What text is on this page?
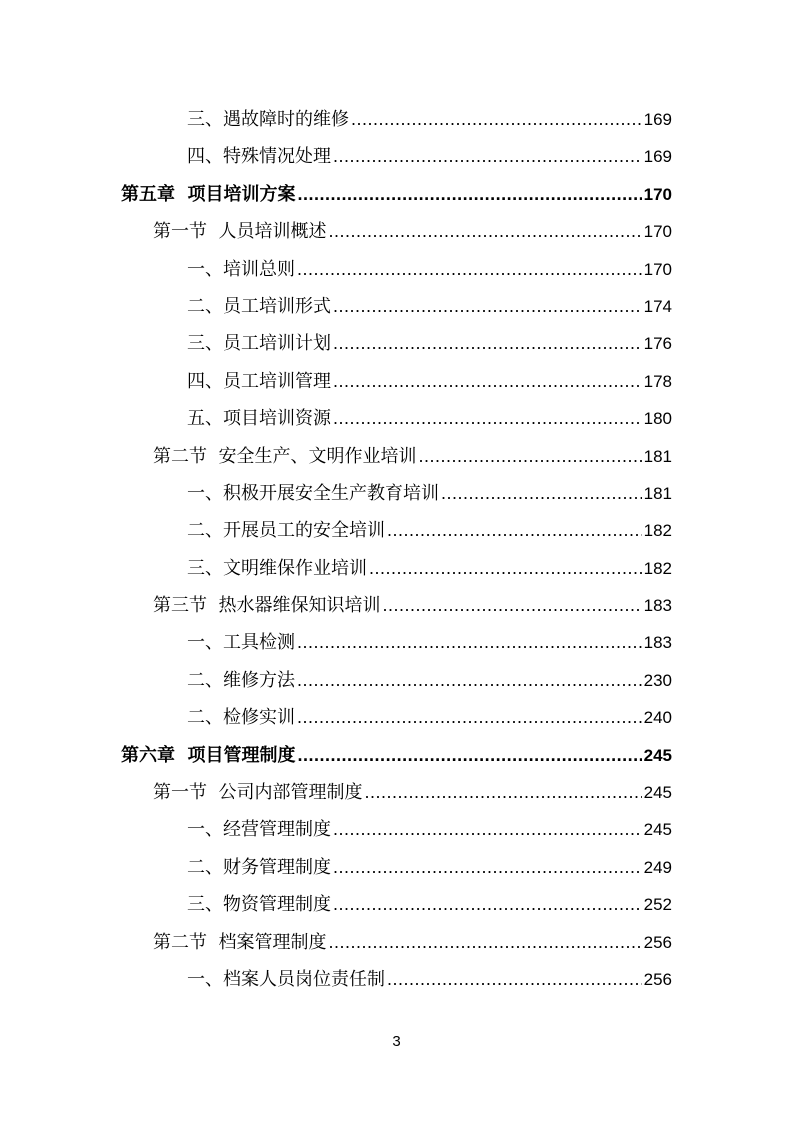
三、遇故障时的维修 .....	169
四、特殊情况处理 .....	169
第五章 项目培训方案 .....	170
第一节 人员培训概述 .....	170
一、培训总则 .....	170
二、员工培训形式 .....	174
三、员工培训计划 .....	176
四、员工培训管理 .....	178
五、项目培训资源 .....	180
第二节 安全生产、文明作业培训 .....	181
一、积极开展安全生产教育培训 .....	181
二、开展员工的安全培训 .....	182
三、文明维保作业培训 .....	182
第三节 热水器维保知识培训 .....	183
一、工具检测 .....	183
二、维修方法 .....	230
二、检修实训 .....	240
第六章 项目管理制度 .....	245
第一节 公司内部管理制度 .....	245
一、经营管理制度 .....	245
二、财务管理制度 .....	249
三、物资管理制度 .....	252
第二节 档案管理制度 .....	256
一、档案人员岗位责任制 .....	256
3
